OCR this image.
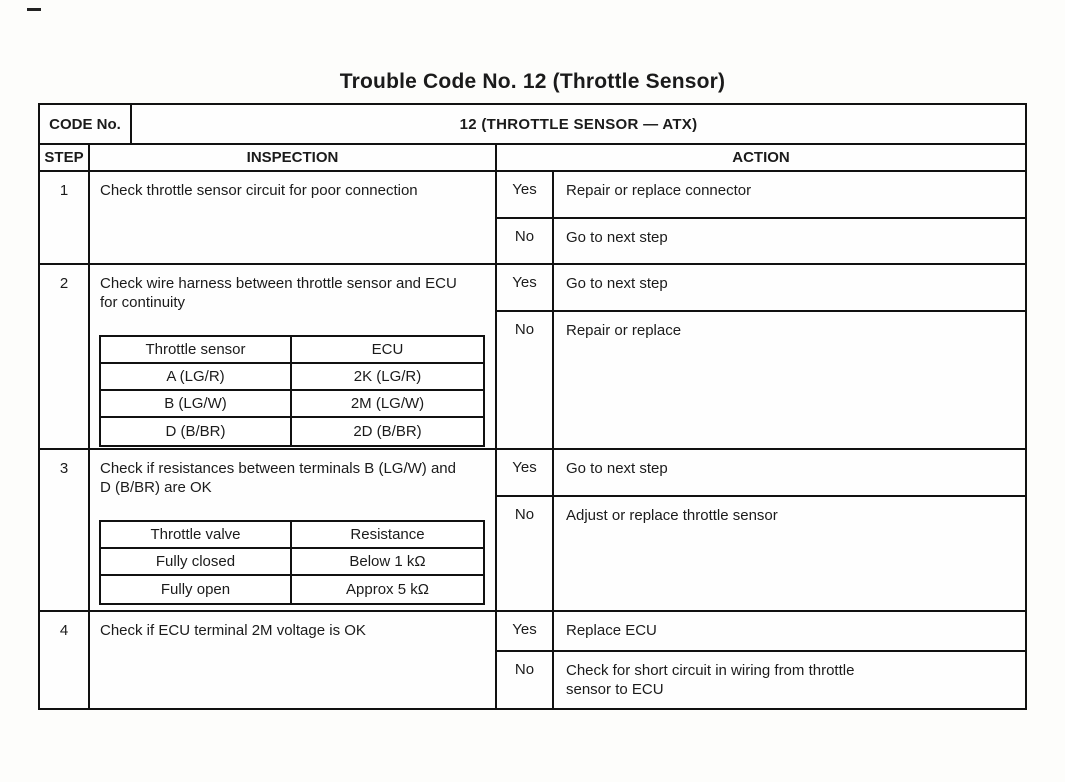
Trouble Code No. 12 (Throttle Sensor)
CODE No.	12 (THROTTLE SENSOR — ATX)
STEP	INSPECTION	ACTION
1	Check throttle sensor circuit for poor connection	Yes	Repair or replace connector
No	Go to next step
2	Check wire harness between throttle sensor and ECU for continuity
Throttle sensor	ECU
A (LG/R)	2K (LG/R)
B (LG/W)	2M (LG/W)
D (B/BR)	2D (B/BR)
Yes	Go to next step
No	Repair or replace
3	Check if resistances between terminals B (LG/W) and D (B/BR) are OK
Throttle valve	Resistance
Fully closed	Below 1 kΩ
Fully open	Approx 5 kΩ
Yes	Go to next step
No	Adjust or replace throttle sensor
4	Check if ECU terminal 2M voltage is OK	Yes	Replace ECU
No	Check for short circuit in wiring from throttle sensor to ECU
